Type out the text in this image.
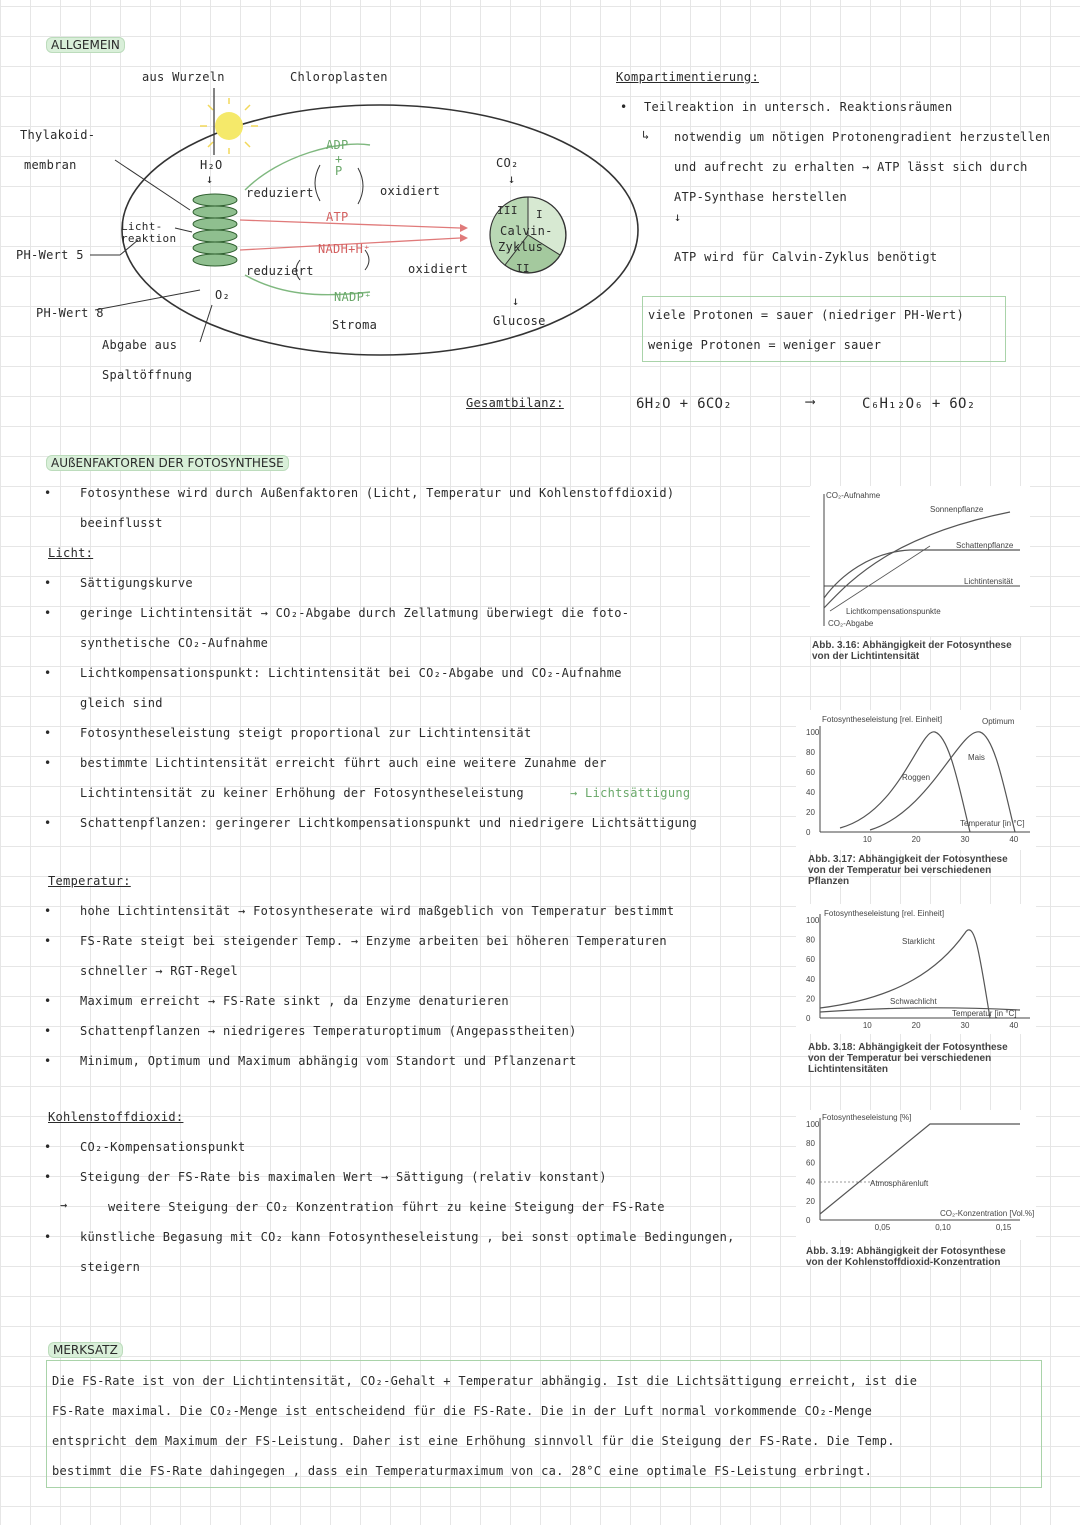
ALLGEMEIN
aus Wurzeln	Chloroplasten
Thylakoid-
membran
PH-Wert 5
PH-Wert 8
H₂O
↓
Licht-
reaktion
O₂
Abgabe aus
Spaltöffnung
ADP
+
P
reduziert	oxidiert
ATP
NADH+H⁺
reduziert	oxidiert
NADP⁺
Stroma
CO₂
↓
I
II
III
Calvin-
Zyklus
↓
Glucose
Kompartimentierung:
• Teilreaktion in untersch. Reaktionsräumen
↳ notwendig um nötigen Protonengradient herzustellen
und aufrecht zu erhalten → ATP lässt sich durch
ATP-Synthase herstellen
↓
ATP wird für Calvin-Zyklus benötigt
viele Protonen = sauer (niedriger PH-Wert)
wenige Protonen = weniger sauer
Gesamtbilanz:	6H₂O + 6CO₂	⟶	C₆H₁₂O₆ + 6O₂
AUßENFAKTOREN DER FOTOSYNTHESE
• Fotosynthese wird durch Außenfaktoren (Licht, Temperatur und Kohlenstoffdioxid)
beeinflusst
Licht:
• Sättigungskurve
• geringe Lichtintensität → CO₂-Abgabe durch Zellatmung überwiegt die foto-
synthetische CO₂-Aufnahme
• Lichtkompensationspunkt: Lichtintensität bei CO₂-Abgabe und CO₂-Aufnahme
gleich sind
• Fotosyntheseleistung steigt proportional zur Lichtintensität
• bestimmte Lichtintensität erreicht führt auch eine weitere Zunahme der
Lichtintensität zu keiner Erhöhung der Fotosyntheseleistung	→ Lichtsättigung
• Schattenpflanzen: geringerer Lichtkompensationspunkt und niedrigere Lichtsättigung
Temperatur:
• hohe Lichtintensität → Fotosyntheserate wird maßgeblich von Temperatur bestimmt
• FS-Rate steigt bei steigender Temp. → Enzyme arbeiten bei höheren Temperaturen
schneller → RGT-Regel
• Maximum erreicht → FS-Rate sinkt , da Enzyme denaturieren
• Schattenpflanzen → niedrigeres Temperaturoptimum (Angepasstheiten)
• Minimum, Optimum und Maximum abhängig vom Standort und Pflanzenart
Kohlenstoffdioxid:
• CO₂-Kompensationspunkt
• Steigung der FS-Rate bis maximalen Wert → Sättigung (relativ konstant)
→	weitere Steigung der CO₂ Konzentration führt zu keine Steigung der FS-Rate
• künstliche Begasung mit CO₂ kann Fotosyntheseleistung , bei sonst optimale Bedingungen,
steigern
CO₂-Aufnahme
Sonnenpflanze
Schattenpflanze
Lichtintensität
Lichtkompensationspunkte
CO₂-Abgabe
Abb. 3.16: Abhängigkeit der Fotosynthese von der Lichtintensität
100
80
60
40
20
0
10	20	30	40
Fotosyntheseleistung [rel. Einheit]	Optimum
Roggen
Mais
Temperatur [in °C]
Abb. 3.17: Abhängigkeit der Fotosynthese von der Temperatur bei verschiedenen Pflanzen
100
80
60
40
20
0
10	20	30	40
Fotosyntheseleistung [rel. Einheit]
Starklicht
Schwachlicht
Temperatur [in °C]
Abb. 3.18: Abhängigkeit der Fotosynthese von der Temperatur bei verschiedenen Lichtintensitäten
100
80
60
40
20
0
0,05	0,10	0,15
Fotosyntheseleistung [%]
Atmosphärenluft
CO₂-Konzentration [Vol.%]
Abb. 3.19: Abhängigkeit der Fotosynthese von der Kohlenstoffdioxid-Konzentration
MERKSATZ
Die FS-Rate ist von der Lichtintensität, CO₂-Gehalt + Temperatur abhängig. Ist die Lichtsättigung erreicht, ist die
FS-Rate maximal. Die CO₂-Menge ist entscheidend für die FS-Rate. Die in der Luft normal vorkommende CO₂-Menge
entspricht dem Maximum der FS-Leistung. Daher ist eine Erhöhung sinnvoll für die Steigung der FS-Rate. Die Temp.
bestimmt die FS-Rate dahingegen , dass ein Temperaturmaximum von ca. 28°C eine optimale FS-Leistung erbringt.
